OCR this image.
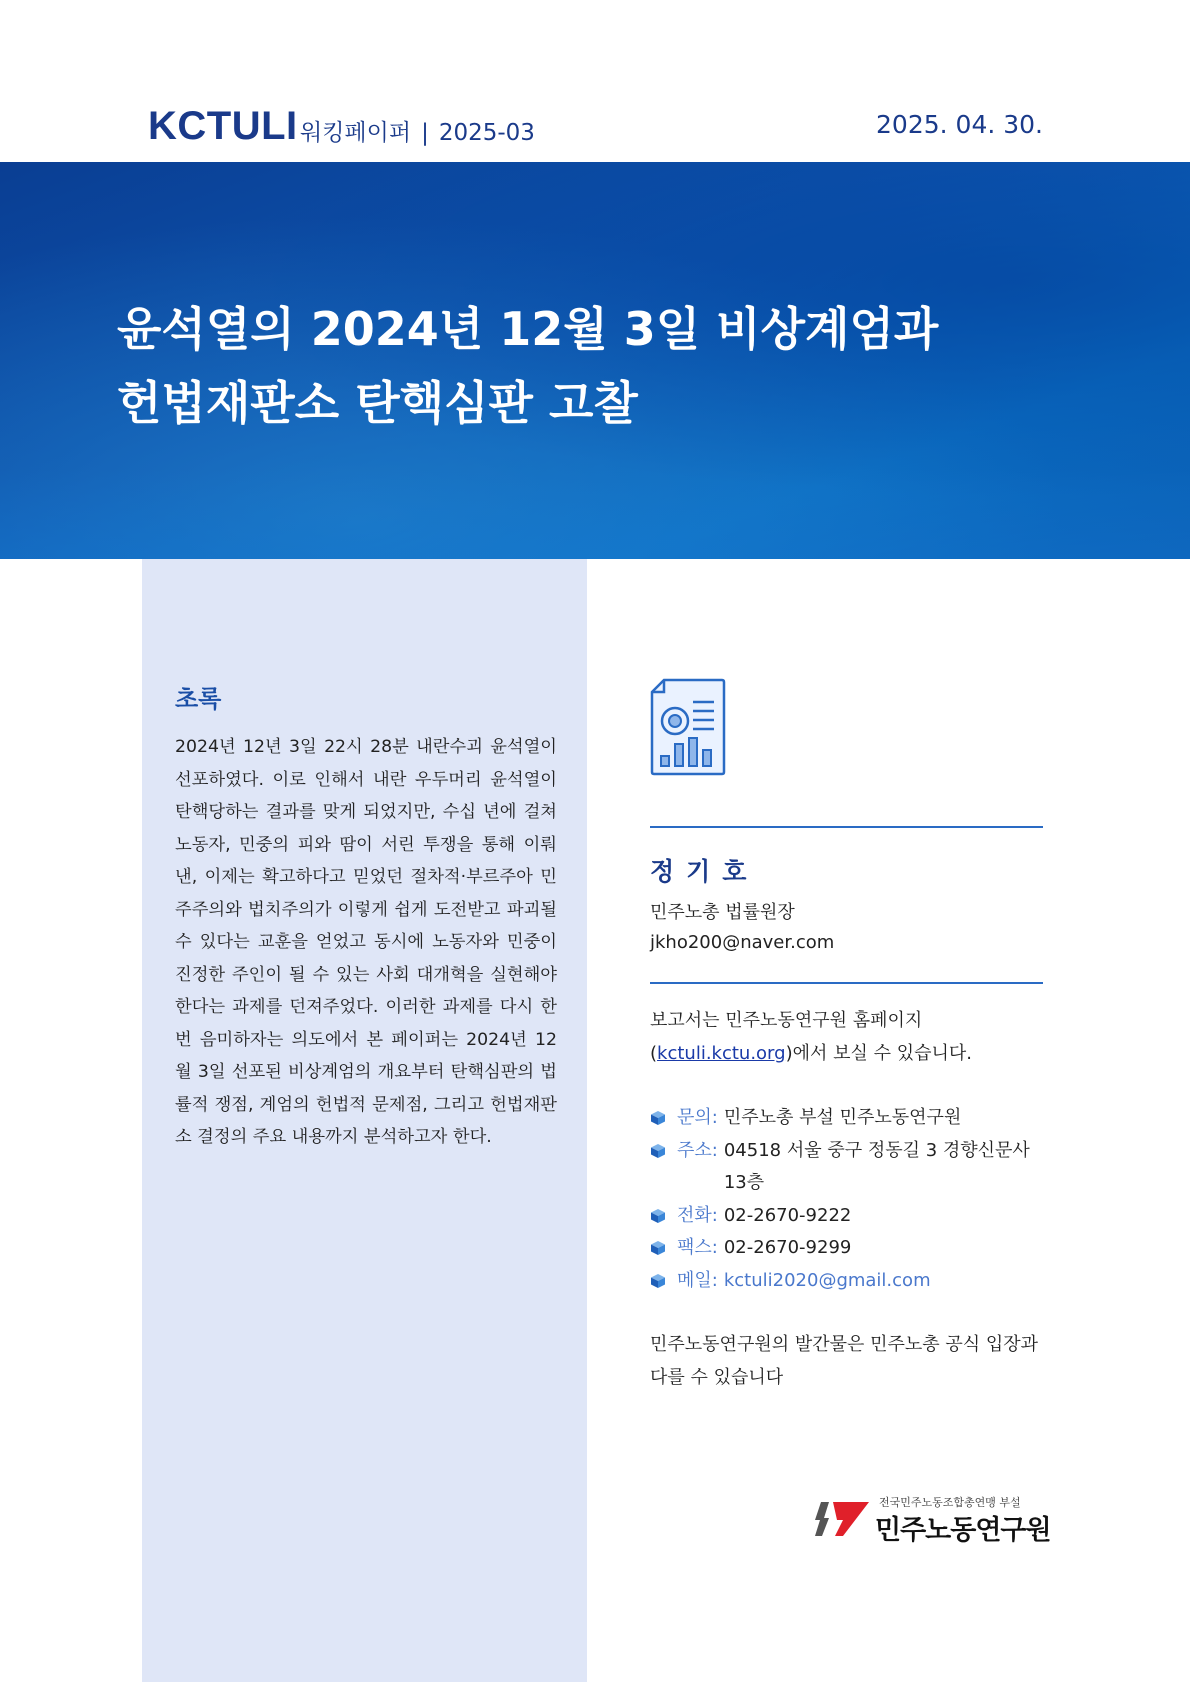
KCTULI 워킹페이퍼 | 2025-03	2025. 04. 30.
윤석열의 2024년 12월 3일 비상계엄과
헌법재판소 탄핵심판 고찰
초록

2024년 12년 3일 22시 28분 내란수괴 윤석열이 선포하였다. 이로 인해서 내란 우두머리 윤석열이 탄핵당하는 결과를 맞게 되었지만, 수십 년에 걸쳐 노동자, 민중의 피와 땀이 서린 투쟁을 통해 이뤄낸, 이제는 확고하다고 믿었던 절차적·부르주아 민주주의와 법치주의가 이렇게 쉽게 도전받고 파괴될 수 있다는 교훈을 얻었고 동시에 노동자와 민중이 진정한 주인이 될 수 있는 사회 대개혁을 실현해야 한다는 과제를 던져주었다. 이러한 과제를 다시 한번 음미하자는 의도에서 본 페이퍼는 2024년 12월 3일 선포된 비상계엄의 개요부터 탄핵심판의 법률적 쟁점, 계엄의 헌법적 문제점, 그리고 헌법재판소 결정의 주요 내용까지 분석하고자 한다.

정기호
민주노총 법률원장
jkho200@naver.com

보고서는 민주노동연구원 홈페이지(kctuli.kctu.org)에서 보실 수 있습니다.

문의: 민주노총 부설 민주노동연구원
주소: 04518 서울 중구 정동길 3 경향신문사 13층
전화: 02-2670-9222
팩스: 02-2670-9299
메일: kctuli2020@gmail.com

민주노동연구원의 발간물은 민주노총 공식 입장과 다를 수 있습니다

전국민주노동조합총연맹 부설
민주노동연구원
